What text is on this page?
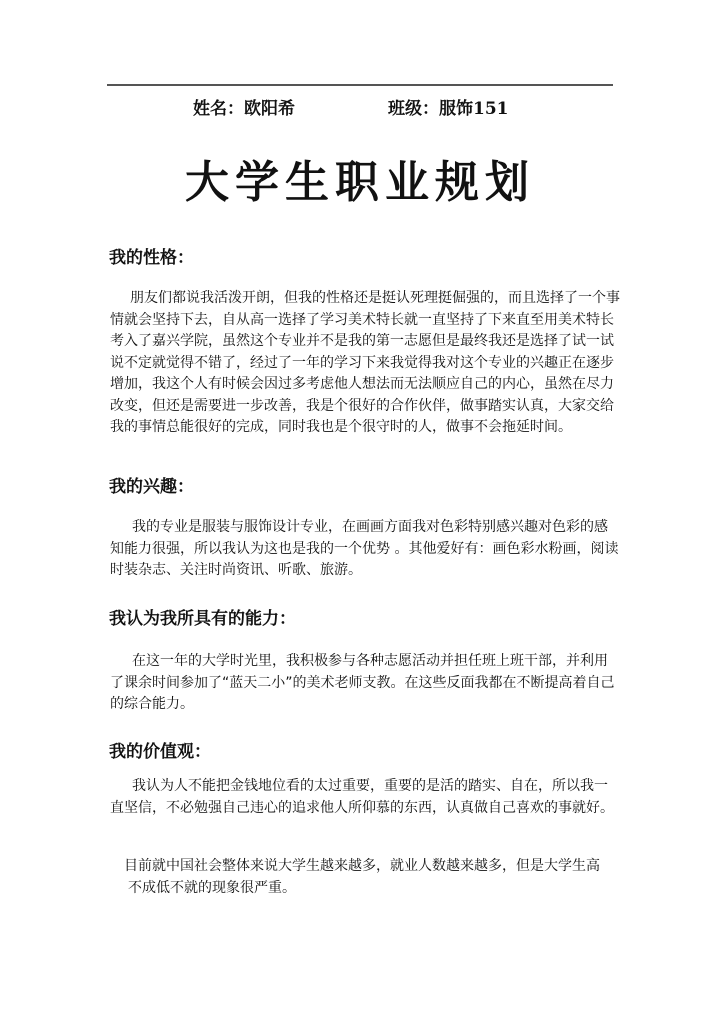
姓名：欧阳希	班级：服饰151
大学生职业规划
我的性格：

朋友们都说我活泼开朗，但我的性格还是挺认死理挺倔强的，而且选择了一个事情就会坚持下去，自从高一选择了学习美术特长就一直坚持了下来直至用美术特长考入了嘉兴学院，虽然这个专业并不是我的第一志愿但是最终我还是选择了试一试说不定就觉得不错了，经过了一年的学习下来我觉得我对这个专业的兴趣正在逐步增加，我这个人有时候会因过多考虑他人想法而无法顺应自己的内心，虽然在尽力改变，但还是需要进一步改善，我是个很好的合作伙伴，做事踏实认真，大家交给我的事情总能很好的完成，同时我也是个很守时的人，做事不会拖延时间。

我的兴趣：

我的专业是服装与服饰设计专业，在画画方面我对色彩特别感兴趣对色彩的感知能力很强，所以我认为这也是我的一个优势 。其他爱好有：画色彩水粉画，阅读时装杂志、关注时尚资讯、听歌、旅游。

我认为我所具有的能力：

在这一年的大学时光里，我积极参与各种志愿活动并担任班上班干部，并利用了课余时间参加了“蓝天二小”的美术老师支教。在这些反面我都在不断提高着自己的综合能力。

我的价值观：

我认为人不能把金钱地位看的太过重要，重要的是活的踏实、自在，所以我一直坚信，不必勉强自己违心的追求他人所仰慕的东西，认真做自己喜欢的事就好。

目前就中国社会整体来说大学生越来越多，就业人数越来越多，但是大学生高
不成低不就的现象很严重。
